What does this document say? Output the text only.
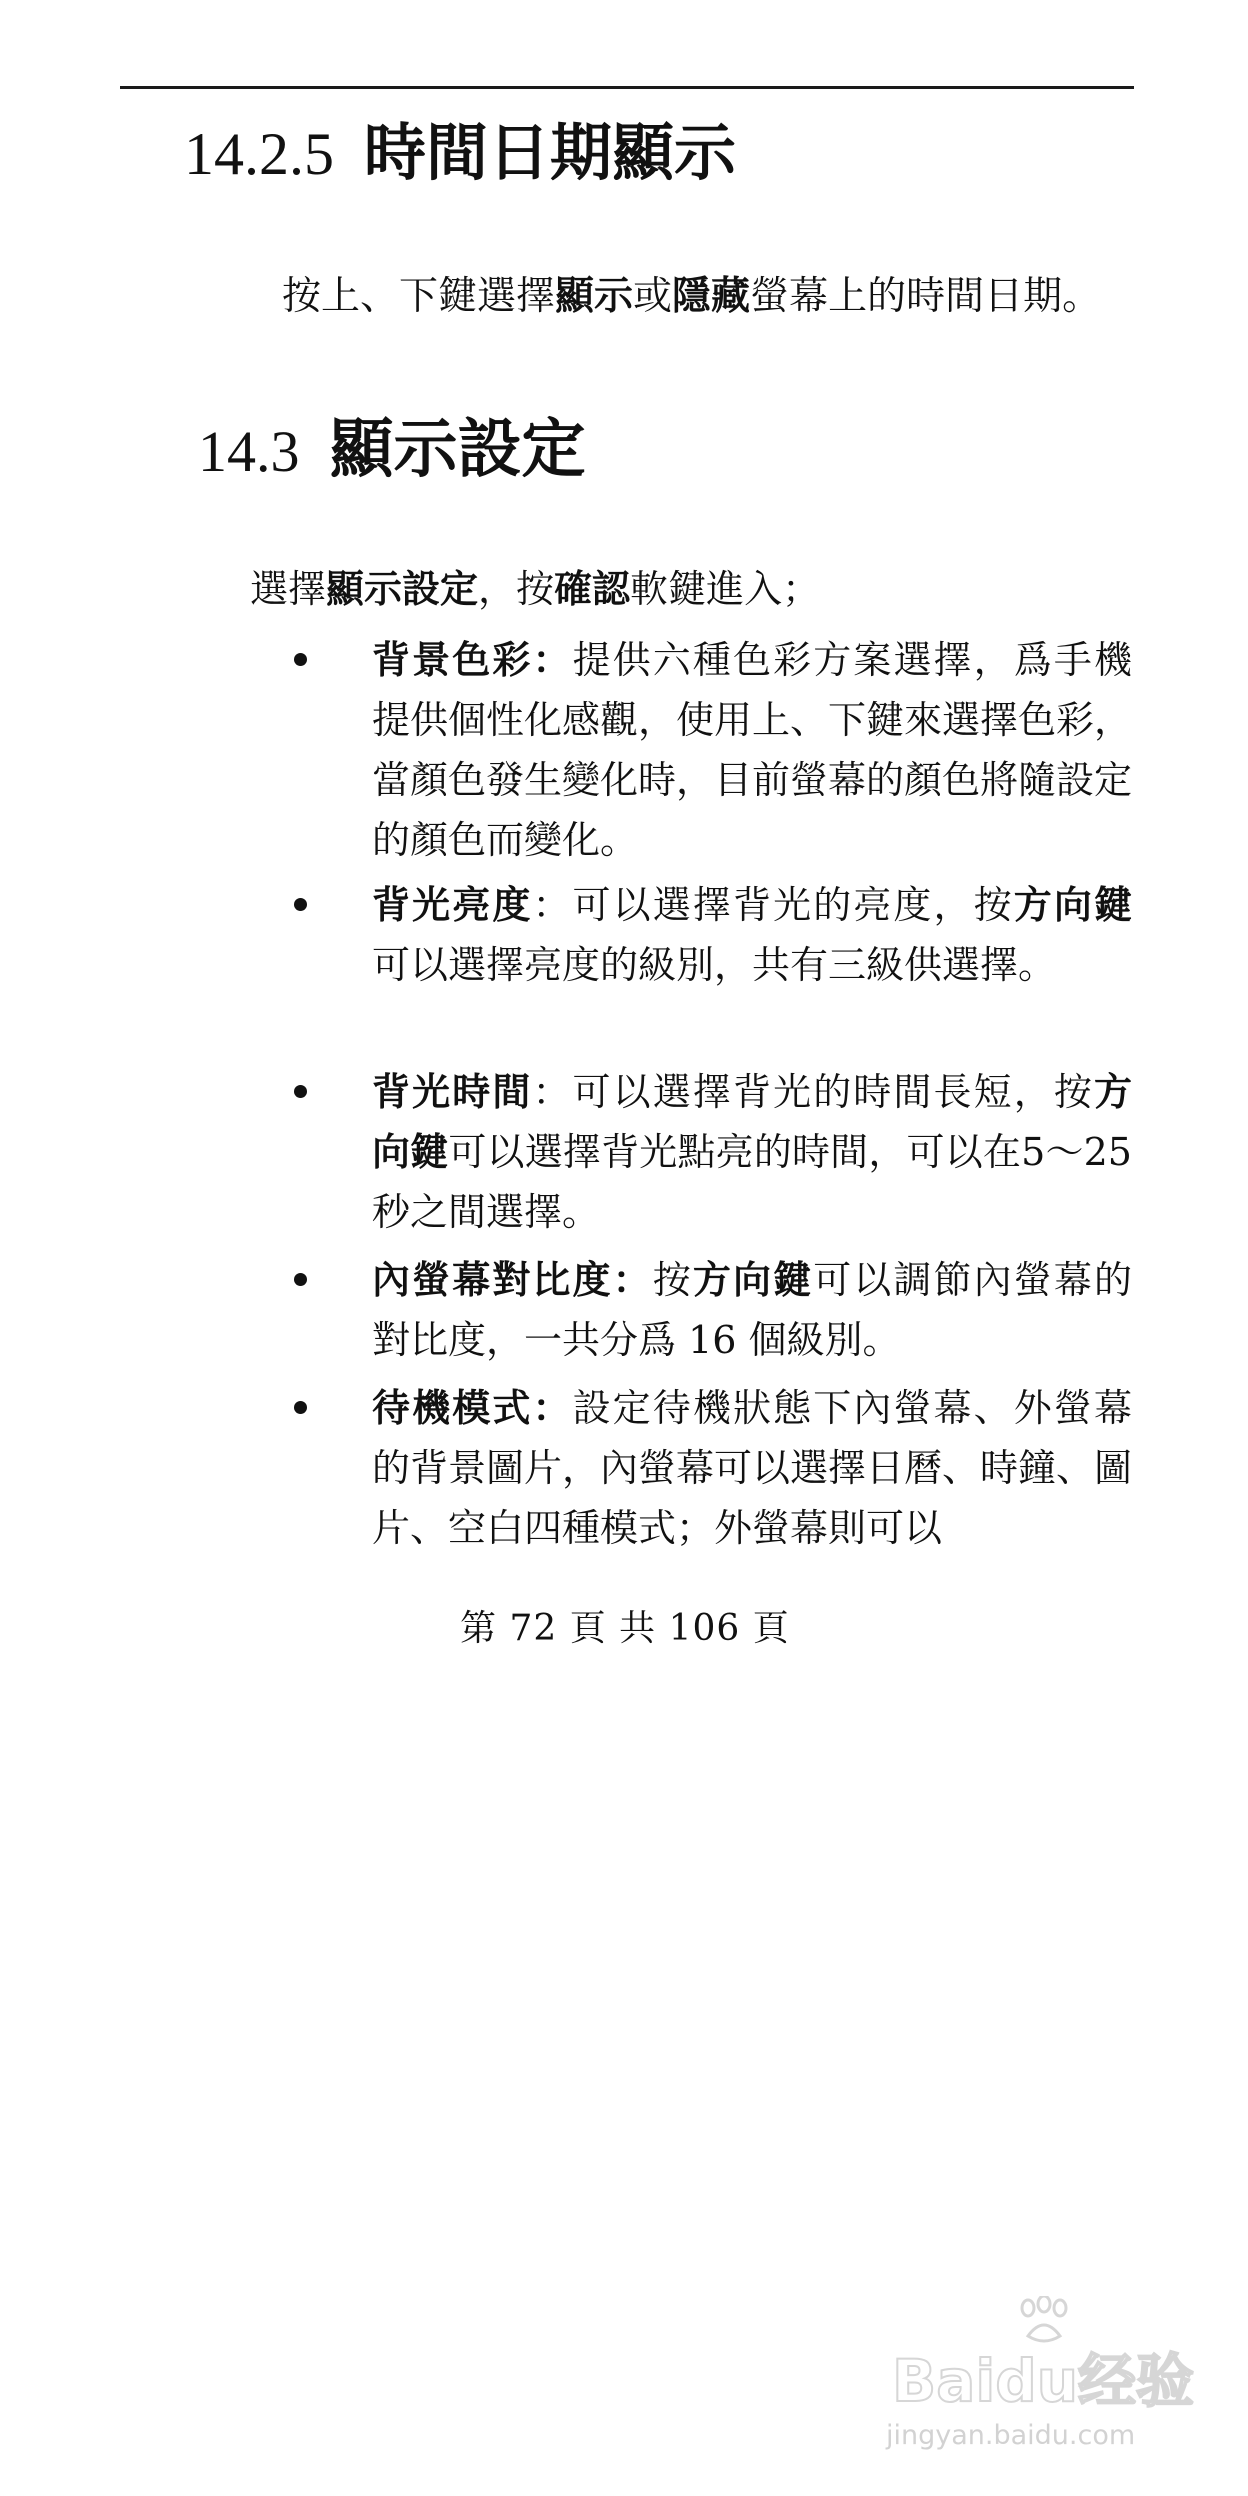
14.2.5 時間日期顯示
按上、下鍵選擇顯示或隱藏螢幕上的時間日期。
14.3 顯示設定
選擇顯示設定，按確認軟鍵進入；
背景色彩：提供六種色彩方案選擇，爲手機提供個性化感觀，使用上、下鍵來選擇色彩，當顏色發生變化時，目前螢幕的顏色將隨設定的顏色而變化。
背光亮度：可以選擇背光的亮度，按方向鍵可以選擇亮度的級別，共有三級供選擇。
背光時間：可以選擇背光的時間長短，按方向鍵可以選擇背光點亮的時間，可以在5～25 秒之間選擇。
內螢幕對比度：按方向鍵可以調節內螢幕的對比度，一共分爲 16 個級別。
待機模式：設定待機狀態下內螢幕、外螢幕的背景圖片，內螢幕可以選擇日曆、時鐘、圖片、空白四種模式；外螢幕則可以
第 72 頁 共 106 頁
Baidu经验
jingyan.baidu.com
